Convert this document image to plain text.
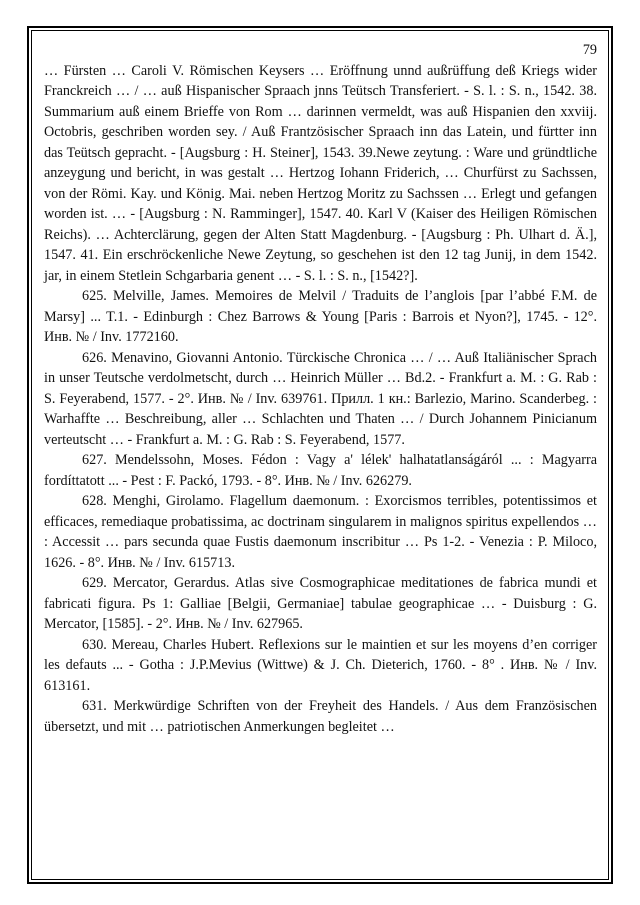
79

… Fürsten … Caroli V. Römischen Keysers … Eröffnung unnd außrüffung deß Kriegs wider Franckreich … / … auß Hispanischer Spraach jnns Teütsch Transferiert. - S. l. : S. n., 1542. 38. Summarium auß einem Brieffe von Rom … darinnen vermeldt, was auß Hispanien den xxviij. Octobris, geschriben worden sey. / Auß Frantzösischer Spraach inn das Latein, und fürtter inn das Teütsch gepracht. - [Augsburg : H. Steiner], 1543. 39.Newe zeytung. : Ware und gründtliche anzeygung und bericht, in was gestalt … Hertzog Iohann Friderich, … Churfürst zu Sachssen, von der Römi. Kay. und König. Mai. neben Hertzog Moritz zu Sachssen … Erlegt und gefangen worden ist. … - [Augsburg : N. Ramminger], 1547. 40. Karl V (Kaiser des Heiligen Römischen Reichs). … Achterclärung, gegen der Alten Statt Magdenburg. - [Augsburg : Ph. Ulhart d. Ä.], 1547. 41. Ein erschröckenliche Newe Zeytung, so geschehen ist den 12 tag Junij, in dem 1542. jar, in einem Stetlein Schgarbaria genent … - S. l. : S. n., [1542?].

625. Melville, James. Memoires de Melvil / Traduits de l’anglois [par l’abbé F.M. de Marsy] ... T.1. - Edinburgh : Chez Barrows & Young [Paris : Barrois et Nyon?], 1745. - 12°. Инв. № / Inv. 1772160.

626. Menavino, Giovanni Antonio. Türckische Chronica … / … Auß Italiänischer Sprach in unser Teutsche verdolmetscht, durch … Heinrich Müller … Bd.2. - Frankfurt a. M. : G. Rab : S. Feyerabend, 1577. - 2°. Инв. № / Inv. 639761. Прилл. 1 кн.: Barlezio, Marino. Scanderbeg. : Warhaffte … Beschreibung, aller … Schlachten und Thaten … / Durch Johannem Pinicianum verteutscht … - Frankfurt a. M. : G. Rab : S. Feyerabend, 1577.

627. Mendelssohn, Moses. Fédon : Vagy a' lélek' halhatatlanságáról ... : Magyarra fordíttatott ... - Pest : F. Packó, 1793. - 8°. Инв. № / Inv. 626279.

628. Menghi, Girolamo. Flagellum daemonum. : Exorcismos terribles, potentissimos et efficaces, remediaque probatissima, ac doctrinam singularem in malignos spiritus expellendos … : Accessit … pars secunda quae Fustis daemonum inscribitur … Ps 1-2. - Venezia : P. Miloco, 1626. - 8°. Инв. № / Inv. 615713.

629. Mercator, Gerardus. Atlas sive Cosmographicae meditationes de fabrica mundi et fabricati figura. Ps 1: Galliae [Belgii, Germaniae] tabulae geographicae … - Duisburg : G. Mercator, [1585]. - 2°. Инв. № / Inv. 627965.

630. Mereau, Charles Hubert. Reflexions sur le maintien et sur les moyens d’en corriger les defauts ... - Gotha : J.P.Mevius (Wittwe) & J. Ch. Dieterich, 1760. - 8° . Инв. № / Inv. 613161.

631. Merkwürdige Schriften von der Freyheit des Handels. / Aus dem Französischen übersetzt, und mit … patriotischen Anmerkungen begleitet …
